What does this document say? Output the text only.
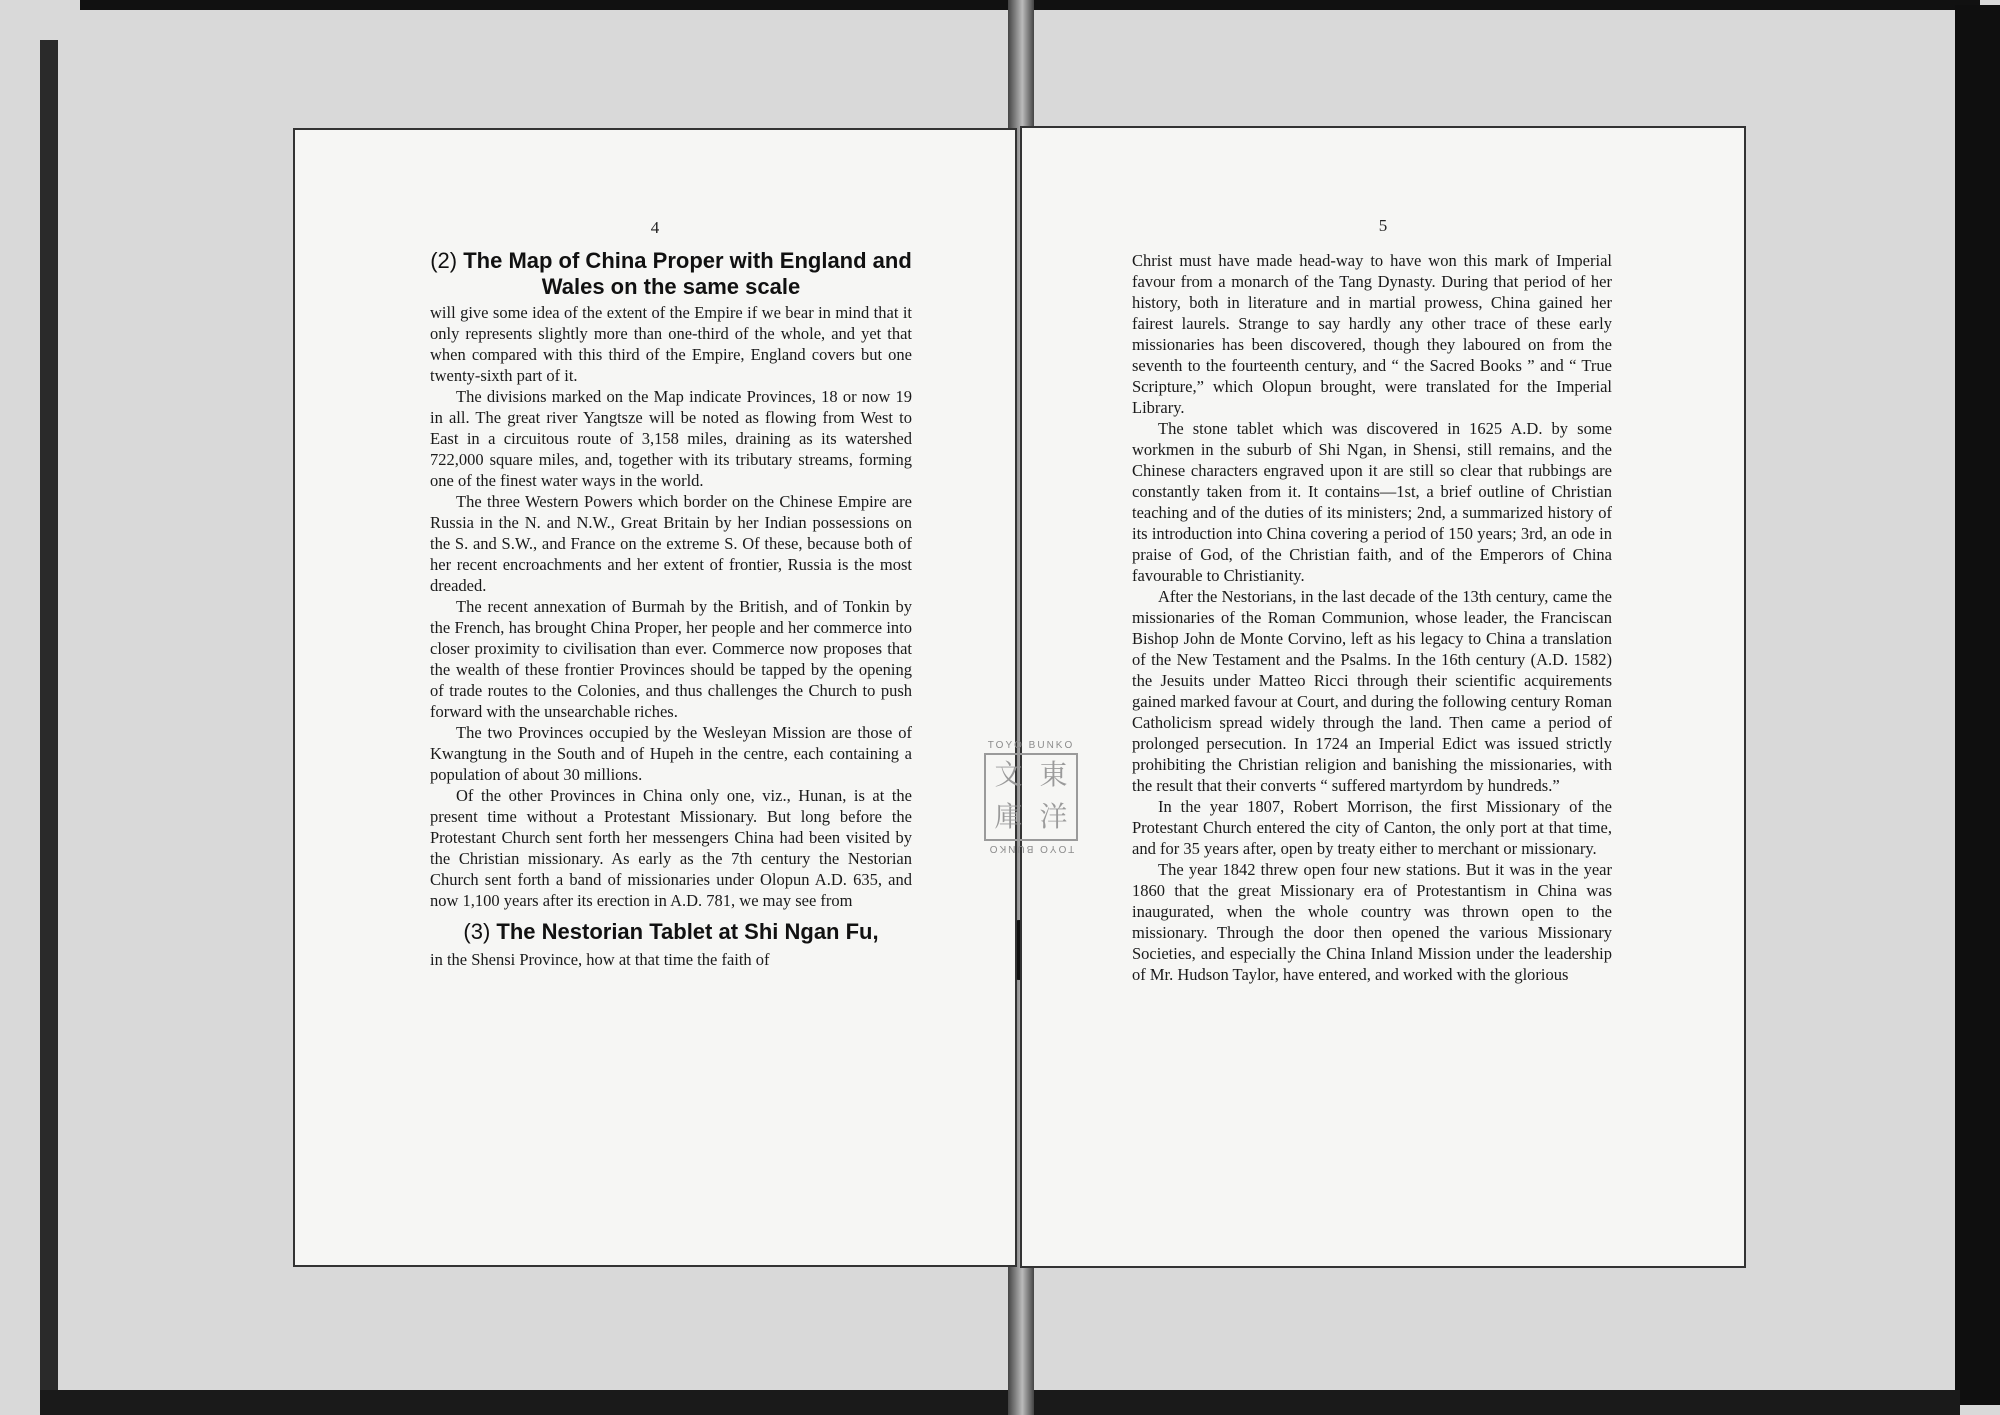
4
(2) The Map of China Proper with England and Wales on the same scale

will give some idea of the extent of the Empire if we bear in mind that it only represents slightly more than one-third of the whole, and yet that when compared with this third of the Empire, England covers but one twenty-sixth part of it.

The divisions marked on the Map indicate Provinces, 18 or now 19 in all. The great river Yangtsze will be noted as flowing from West to East in a circuitous route of 3,158 miles, draining as its watershed 722,000 square miles, and, together with its tributary streams, forming one of the finest water ways in the world.

The three Western Powers which border on the Chinese Empire are Russia in the N. and N.W., Great Britain by her Indian possessions on the S. and S.W., and France on the extreme S. Of these, because both of her recent encroachments and her extent of frontier, Russia is the most dreaded.

The recent annexation of Burmah by the British, and of Tonkin by the French, has brought China Proper, her people and her commerce into closer proximity to civilisation than ever. Commerce now proposes that the wealth of these frontier Provinces should be tapped by the opening of trade routes to the Colonies, and thus challenges the Church to push forward with the unsearchable riches.

The two Provinces occupied by the Wesleyan Mission are those of Kwangtung in the South and of Hupeh in the centre, each containing a population of about 30 millions.

Of the other Provinces in China only one, viz., Hunan, is at the present time without a Protestant Missionary. But long before the Protestant Church sent forth her messengers China had been visited by the Christian missionary. As early as the 7th century the Nestorian Church sent forth a band of missionaries under Olopun A.D. 635, and now 1,100 years after its erection in A.D. 781, we may see from

(3) The Nestorian Tablet at Shi Ngan Fu,

in the Shensi Province, how at that time the faith of

5

Christ must have made head-way to have won this mark of Imperial favour from a monarch of the Tang Dynasty. During that period of her history, both in literature and in martial prowess, China gained her fairest laurels. Strange to say hardly any other trace of these early missionaries has been discovered, though they laboured on from the seventh to the fourteenth century, and “ the Sacred Books ” and “ True Scripture,” which Olopun brought, were translated for the Imperial Library.

The stone tablet which was discovered in 1625 A.D. by some workmen in the suburb of Shi Ngan, in Shensi, still remains, and the Chinese characters engraved upon it are still so clear that rubbings are constantly taken from it. It contains—1st, a brief outline of Christian teaching and of the duties of its ministers; 2nd, a summarized history of its introduction into China covering a period of 150 years; 3rd, an ode in praise of God, of the Christian faith, and of the Emperors of China favourable to Christianity.

After the Nestorians, in the last decade of the 13th century, came the missionaries of the Roman Communion, whose leader, the Franciscan Bishop John de Monte Corvino, left as his legacy to China a translation of the New Testament and the Psalms. In the 16th century (A.D. 1582) the Jesuits under Matteo Ricci through their scientific acquirements gained marked favour at Court, and during the following century Roman Catholicism spread widely through the land. Then came a period of prolonged persecution. In 1724 an Imperial Edict was issued strictly prohibiting the Christian religion and banishing the missionaries, with the result that their converts “ suffered martyrdom by hundreds.”

In the year 1807, Robert Morrison, the first Missionary of the Protestant Church entered the city of Canton, the only port at that time, and for 35 years after, open by treaty either to merchant or missionary.

The year 1842 threw open four new stations. But it was in the year 1860 that the great Missionary era of Protestantism in China was inaugurated, when the whole country was thrown open to the missionary. Through the door then opened the various Missionary Societies, and especially the China Inland Mission under the leadership of Mr. Hudson Taylor, have entered, and worked with the glorious

TOYO BUNKO
文 東
庫 洋
TOYO BUNKO
